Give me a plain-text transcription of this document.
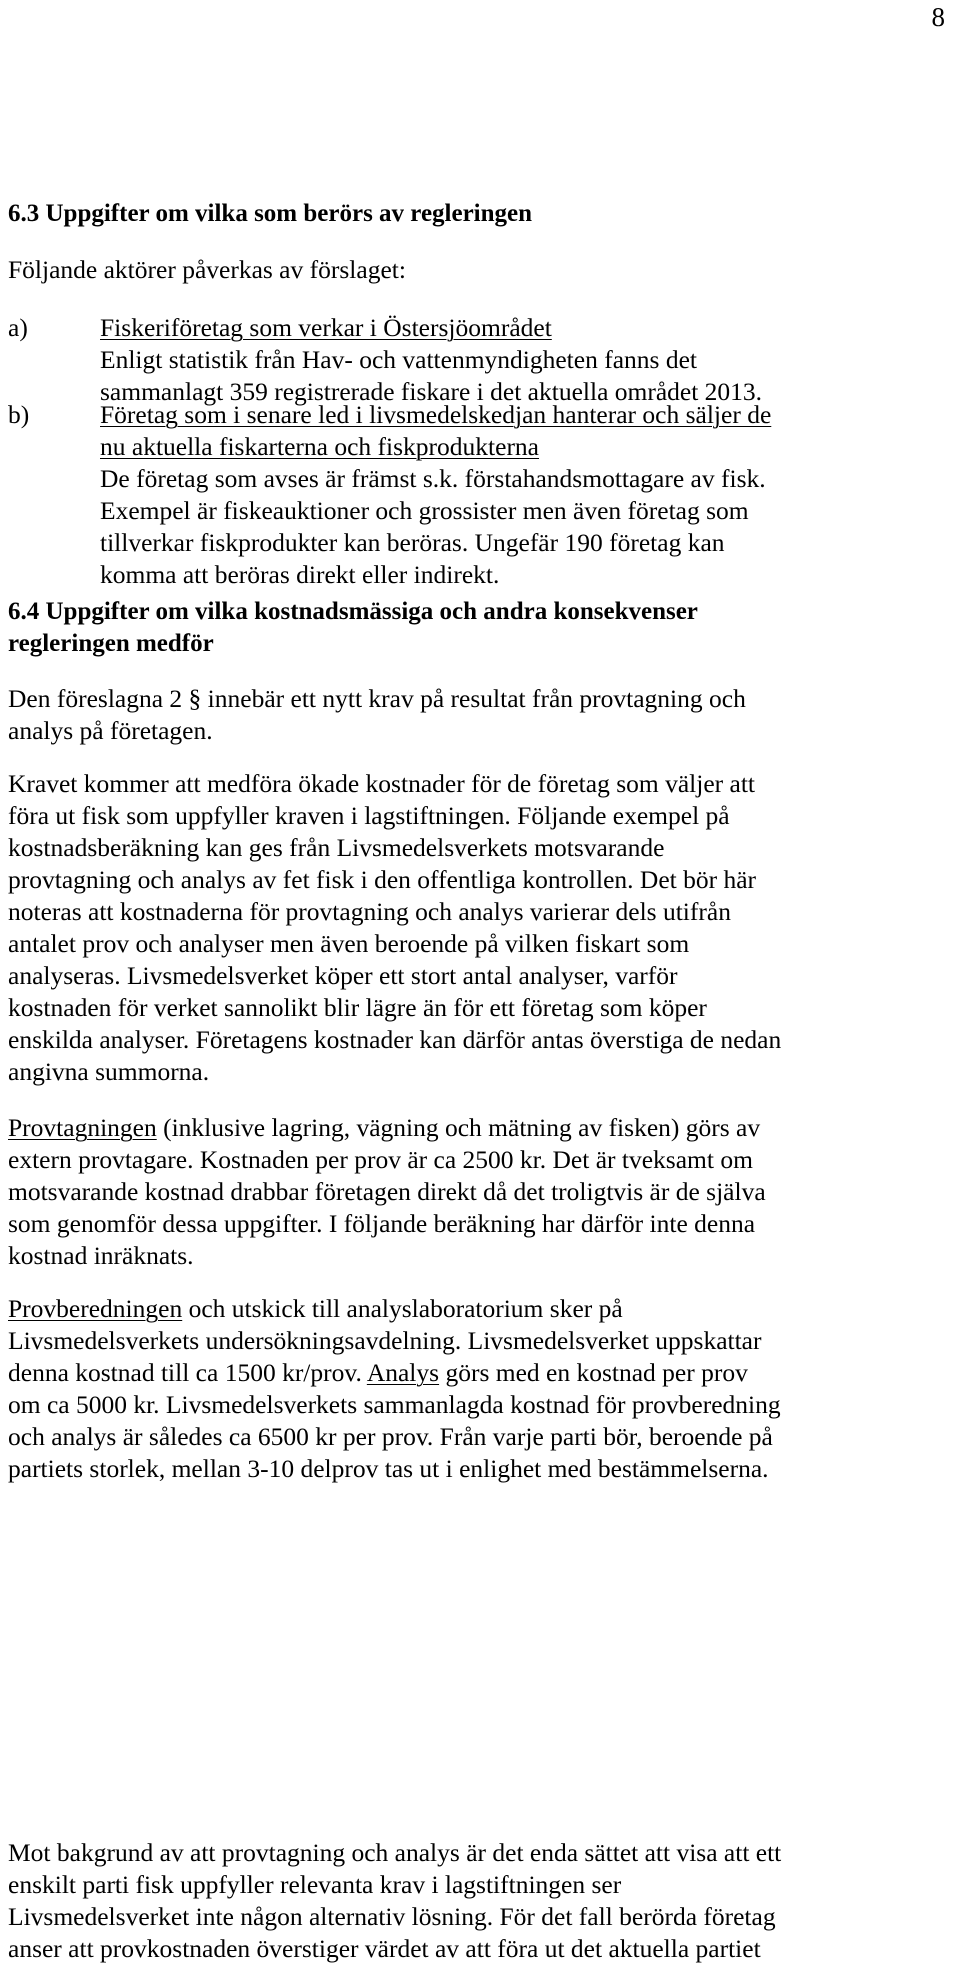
8
6.3 Uppgifter om vilka som berörs av regleringen
Följande aktörer påverkas av förslaget:
a)	Fiskeriföretag som verkar i Östersjöområdet
Enligt statistik från Hav- och vattenmyndigheten fanns det
sammanlagt 359 registrerade fiskare i det aktuella området 2013.
b)	Företag som i senare led i livsmedelskedjan hanterar och säljer de
nu aktuella fiskarterna och fiskprodukterna
De företag som avses är främst s.k. förstahandsmottagare av fisk.
Exempel är fiskeauktioner och grossister men även företag som
tillverkar fiskprodukter kan beröras. Ungefär 190 företag kan
komma att beröras direkt eller indirekt.
6.4 Uppgifter om vilka kostnadsmässiga och andra konsekvenser
regleringen medför
Den föreslagna 2 § innebär ett nytt krav på resultat från provtagning och
analys på företagen.
Kravet kommer att medföra ökade kostnader för de företag som väljer att
föra ut fisk som uppfyller kraven i lagstiftningen. Följande exempel på
kostnadsberäkning kan ges från Livsmedelsverkets motsvarande
provtagning och analys av fet fisk i den offentliga kontrollen. Det bör här
noteras att kostnaderna för provtagning och analys varierar dels utifrån
antalet prov och analyser men även beroende på vilken fiskart som
analyseras. Livsmedelsverket köper ett stort antal analyser, varför
kostnaden för verket sannolikt blir lägre än för ett företag som köper
enskilda analyser. Företagens kostnader kan därför antas överstiga de nedan
angivna summorna.
Provtagningen (inklusive lagring, vägning och mätning av fisken) görs av
extern provtagare. Kostnaden per prov är ca 2500 kr. Det är tveksamt om
motsvarande kostnad drabbar företagen direkt då det troligtvis är de själva
som genomför dessa uppgifter. I följande beräkning har därför inte denna
kostnad inräknats.
Provberedningen och utskick till analyslaboratorium sker på
Livsmedelsverkets undersökningsavdelning. Livsmedelsverket uppskattar
denna kostnad till ca 1500 kr/prov. Analys görs med en kostnad per prov
om ca 5000 kr. Livsmedelsverkets sammanlagda kostnad för provberedning
och analys är således ca 6500 kr per prov. Från varje parti bör, beroende på
partiets storlek, mellan 3-10 delprov tas ut i enlighet med bestämmelserna.
Mot bakgrund av att provtagning och analys är det enda sättet att visa att ett
enskilt parti fisk uppfyller relevanta krav i lagstiftningen ser
Livsmedelsverket inte någon alternativ lösning. För det fall berörda företag
anser att provkostnaden överstiger värdet av att föra ut det aktuella partiet
